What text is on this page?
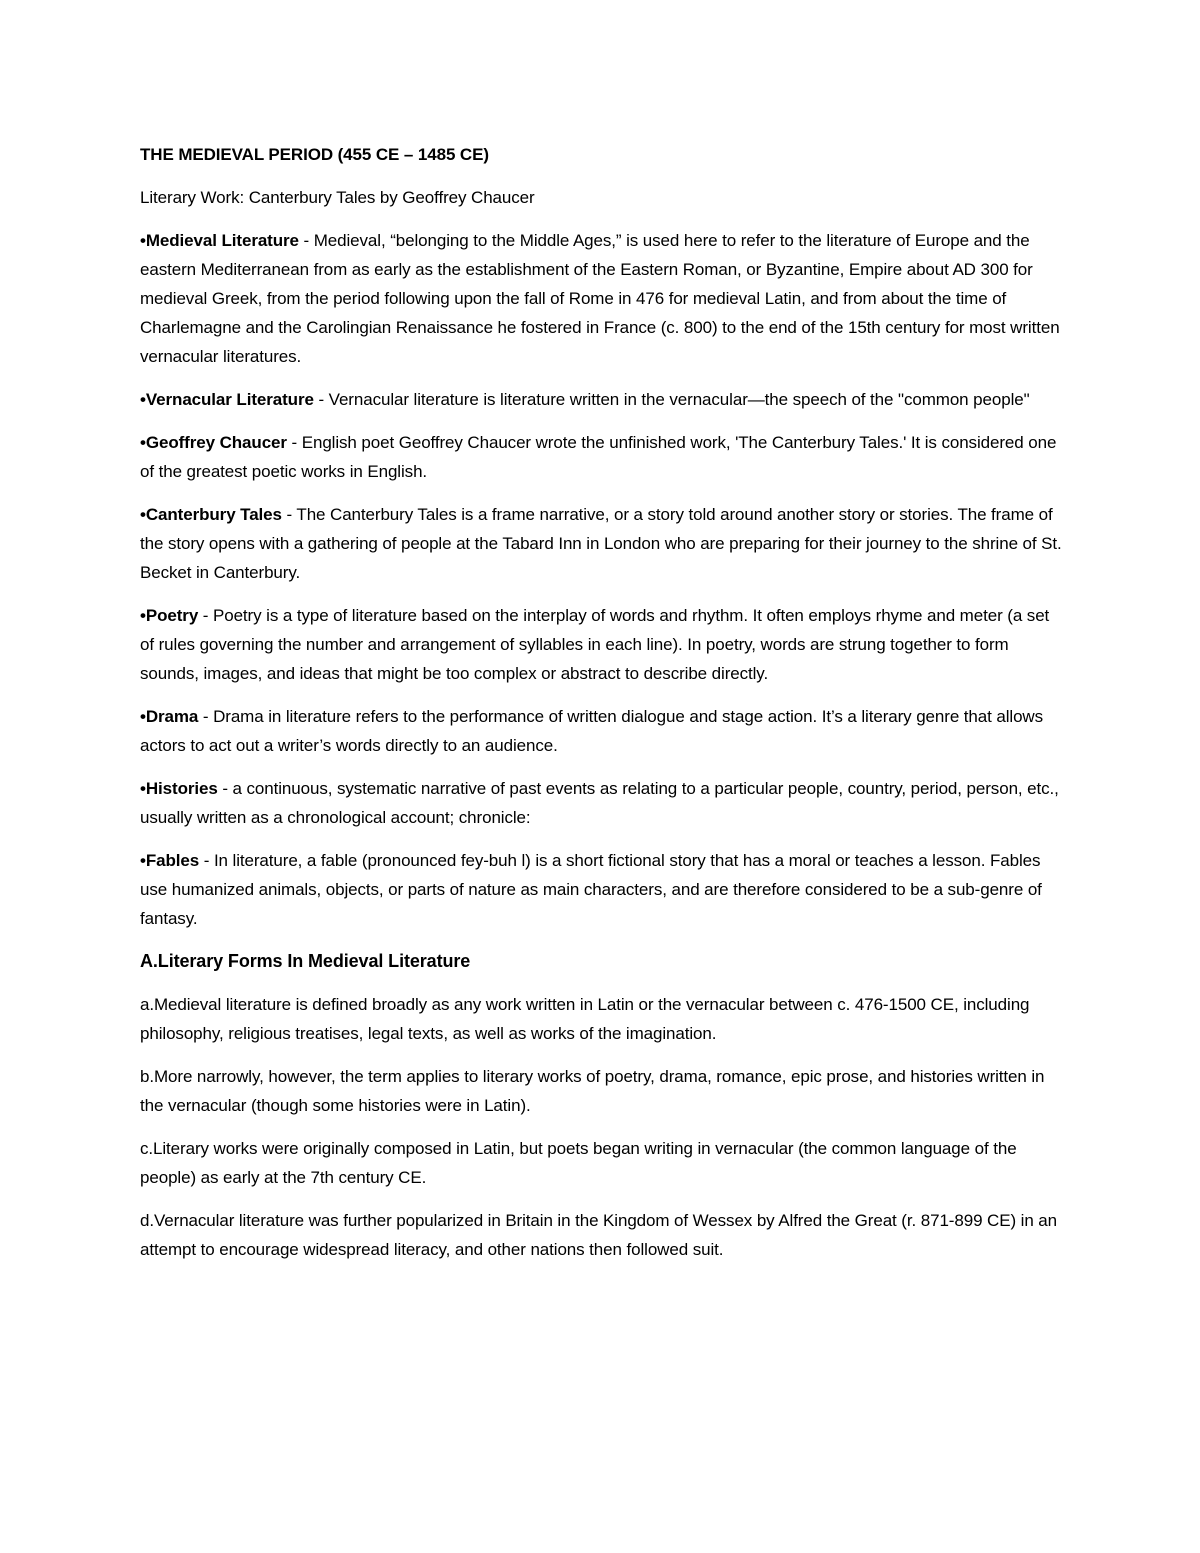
THE MEDIEVAL PERIOD (455 CE – 1485 CE)
Literary Work: Canterbury Tales by Geoffrey Chaucer
•Medieval Literature - Medieval, “belonging to the Middle Ages,” is used here to refer to the literature of Europe and the eastern Mediterranean from as early as the establishment of the Eastern Roman, or Byzantine, Empire about AD 300 for medieval Greek, from the period following upon the fall of Rome in 476 for medieval Latin, and from about the time of Charlemagne and the Carolingian Renaissance he fostered in France (c. 800) to the end of the 15th century for most written vernacular literatures.
•Vernacular Literature - Vernacular literature is literature written in the vernacular—the speech of the "common people"
•Geoffrey Chaucer - English poet Geoffrey Chaucer wrote the unfinished work, 'The Canterbury Tales.' It is considered one of the greatest poetic works in English.
•Canterbury Tales - The Canterbury Tales is a frame narrative, or a story told around another story or stories. The frame of the story opens with a gathering of people at the Tabard Inn in London who are preparing for their journey to the shrine of St. Becket in Canterbury.
•Poetry - Poetry is a type of literature based on the interplay of words and rhythm. It often employs rhyme and meter (a set of rules governing the number and arrangement of syllables in each line). In poetry, words are strung together to form sounds, images, and ideas that might be too complex or abstract to describe directly.
•Drama - Drama in literature refers to the performance of written dialogue and stage action. It’s a literary genre that allows actors to act out a writer’s words directly to an audience.
•Histories - a continuous, systematic narrative of past events as relating to a particular people, country, period, person, etc., usually written as a chronological account; chronicle:
•Fables - In literature, a fable (pronounced fey-buh l) is a short fictional story that has a moral or teaches a lesson. Fables use humanized animals, objects, or parts of nature as main characters, and are therefore considered to be a sub-genre of fantasy.
A.Literary Forms In Medieval Literature
a.Medieval literature is defined broadly as any work written in Latin or the vernacular between c. 476-1500 CE, including philosophy, religious treatises, legal texts, as well as works of the imagination.
b.More narrowly, however, the term applies to literary works of poetry, drama, romance, epic prose, and histories written in the vernacular (though some histories were in Latin).
c.Literary works were originally composed in Latin, but poets began writing in vernacular (the common language of the people) as early at the 7th century CE.
d.Vernacular literature was further popularized in Britain in the Kingdom of Wessex by Alfred the Great (r. 871-899 CE) in an attempt to encourage widespread literacy, and other nations then followed suit.
